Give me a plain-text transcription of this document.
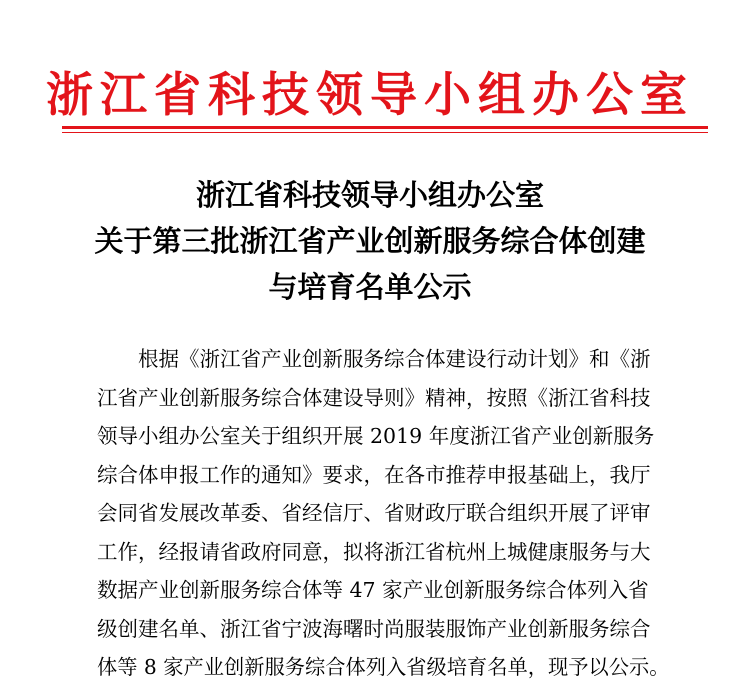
浙江省科技领导小组办公室
浙江省科技领导小组办公室
关于第三批浙江省产业创新服务综合体创建
与培育名单公示
根据《浙江省产业创新服务综合体建设行动计划》和《浙
江省产业创新服务综合体建设导则》精神，按照《浙江省科技
领导小组办公室关于组织开展 2019 年度浙江省产业创新服务
综合体申报工作的通知》要求，在各市推荐申报基础上，我厅
会同省发展改革委、省经信厅、省财政厅联合组织开展了评审
工作，经报请省政府同意，拟将浙江省杭州上城健康服务与大
数据产业创新服务综合体等 47 家产业创新服务综合体列入省
级创建名单、浙江省宁波海曙时尚服装服饰产业创新服务综合
体等 8 家产业创新服务综合体列入省级培育名单，现予以公示。
